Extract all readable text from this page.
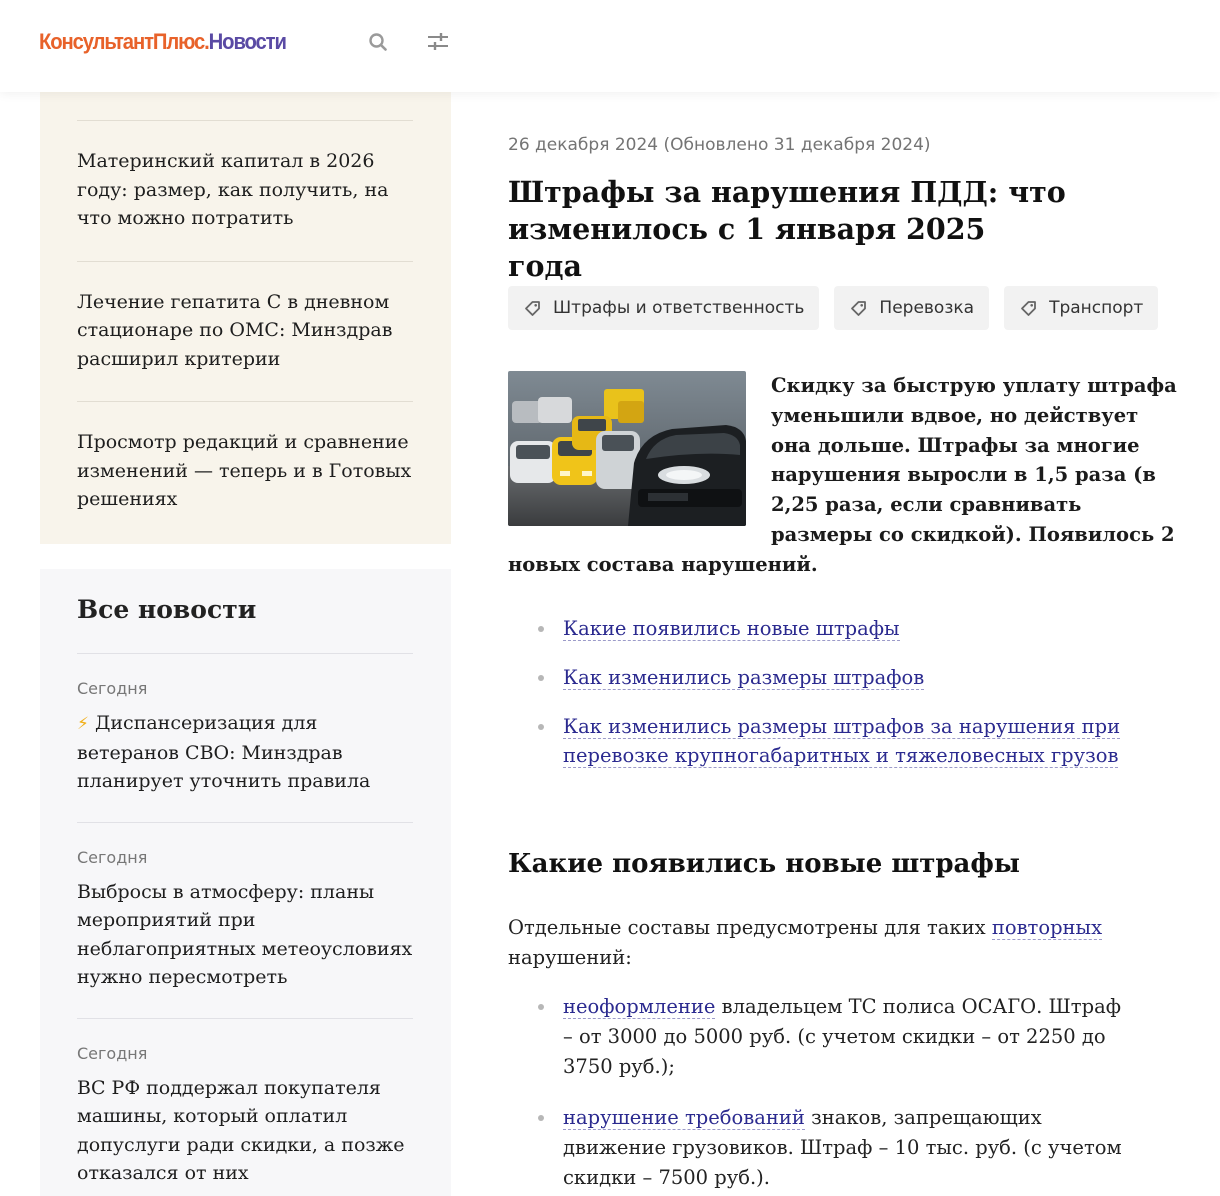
КонсультантПлюс.Новости
Материнский капитал в 2026 году: размер, как получить, на что можно потратить
Лечение гепатита С в дневном стационаре по ОМС: Минздрав расширил критерии
Просмотр редакций и сравнение изменений — теперь и в Готовых решениях
Все новости
Сегодня
⚡ Диспансеризация для ветеранов СВО: Минздрав планирует уточнить правила
Сегодня
Выбросы в атмосферу: планы мероприятий при неблагоприятных метеоусловиях нужно пересмотреть
Сегодня
ВС РФ поддержал покупателя машины, который оплатил допуслуги ради скидки, а позже отказался от них
26 декабря 2024 (Обновлено 31 декабря 2024)
Штрафы за нарушения ПДД: что изменилось с 1 января 2025 года
Штрафы и ответственность	Перевозка	Транспорт

Скидку за быструю уплату штрафа уменьшили вдвое, но действует она дольше. Штрафы за многие нарушения выросли в 1,5 раза (в 2,25 раза, если сравнивать размеры со скидкой). Появилось 2 новых состава нарушений.

Какие появились новые штрафы
Как изменились размеры штрафов
Как изменились размеры штрафов за нарушения при перевозке крупногабаритных и тяжеловесных грузов
Какие появились новые штрафы

Отдельные составы предусмотрены для таких повторных нарушений:

неоформление владельцем ТС полиса ОСАГО. Штраф – от 3000 до 5000 руб. (с учетом скидки – от 2250 до 3750 руб.);
нарушение требований знаков, запрещающих движение грузовиков. Штраф – 10 тыс. руб. (с учетом скидки – 7500 руб.).
